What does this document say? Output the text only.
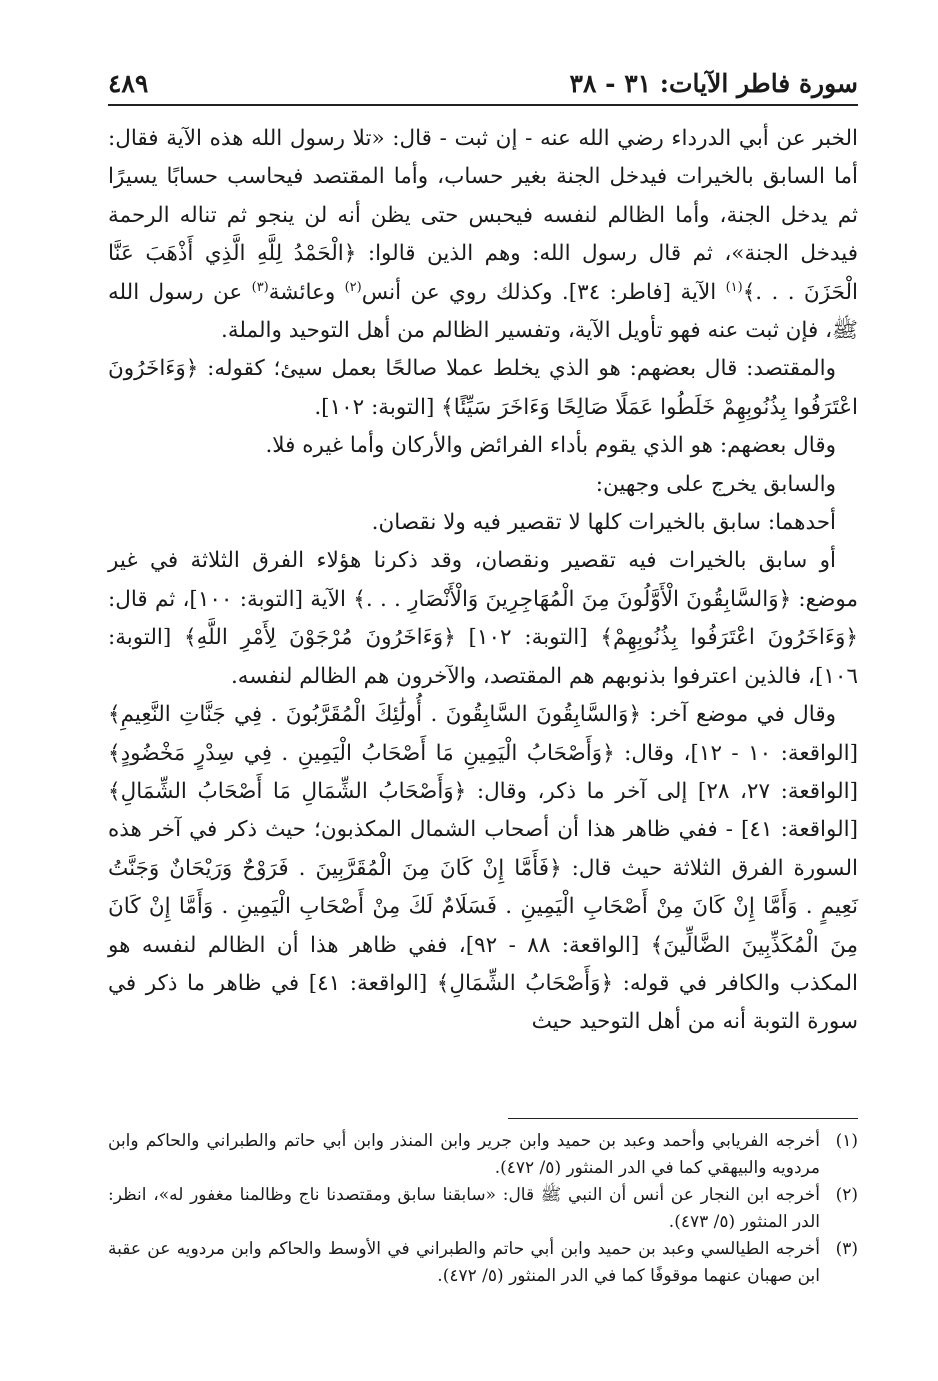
سورة فاطر الآيات: ٣١ - ٣٨
٤٨٩

الخبر عن أبي الدرداء رضي الله عنه - إن ثبت - قال: «تلا رسول الله هذه الآية فقال: أما السابق بالخيرات فيدخل الجنة بغير حساب، وأما المقتصد فيحاسب حسابًا يسيرًا ثم يدخل الجنة، وأما الظالم لنفسه فيحبس حتى يظن أنه لن ينجو ثم تناله الرحمة فيدخل الجنة»، ثم قال رسول الله: وهم الذين قالوا: ﴿الْحَمْدُ لِلَّهِ الَّذِي أَذْهَبَ عَنَّا الْحَزَنَ . . .﴾$^{(١)}$ الآية [فاطر: ٣٤]. وكذلك روي عن أنس$^{(٢)}$ وعائشة$^{(٣)}$ عن رسول الله ﷺ، فإن ثبت عنه فهو تأويل الآية، وتفسير الظالم من أهل التوحيد والملة.

والمقتصد: قال بعضهم: هو الذي يخلط عملا صالحًا بعمل سيئ؛ كقوله: ﴿وَءَاخَرُونَ اعْتَرَفُوا بِذُنُوبِهِمْ خَلَطُوا عَمَلًا صَالِحًا وَءَاخَرَ سَيِّئًا﴾ [التوبة: ١٠٢].

وقال بعضهم: هو الذي يقوم بأداء الفرائض والأركان وأما غيره فلا.

والسابق يخرج على وجهين:

أحدهما: سابق بالخيرات كلها لا تقصير فيه ولا نقصان.

أو سابق بالخيرات فيه تقصير ونقصان، وقد ذكرنا هؤلاء الفرق الثلاثة في غير موضع: ﴿وَالسَّابِقُونَ الْأَوَّلُونَ مِنَ الْمُهَاجِرِينَ وَالْأَنْصَارِ . . .﴾ الآية [التوبة: ١٠٠]، ثم قال: ﴿وَءَاخَرُونَ اعْتَرَفُوا بِذُنُوبِهِمْ﴾ [التوبة: ١٠٢] ﴿وَءَاخَرُونَ مُرْجَوْنَ لِأَمْرِ اللَّهِ﴾ [التوبة: ١٠٦]، فالذين اعترفوا بذنوبهم هم المقتصد، والآخرون هم الظالم لنفسه.

وقال في موضع آخر: ﴿وَالسَّابِقُونَ السَّابِقُونَ . أُولَٰئِكَ الْمُقَرَّبُونَ . فِي جَنَّاتِ النَّعِيمِ﴾ [الواقعة: ١٠ - ١٢]، وقال: ﴿وَأَصْحَابُ الْيَمِينِ مَا أَصْحَابُ الْيَمِينِ . فِي سِدْرٍ مَخْضُودٍ﴾ [الواقعة: ٢٧، ٢٨] إلى آخر ما ذكر، وقال: ﴿وَأَصْحَابُ الشِّمَالِ مَا أَصْحَابُ الشِّمَالِ﴾ [الواقعة: ٤١] - ففي ظاهر هذا أن أصحاب الشمال المكذبون؛ حيث ذكر في آخر هذه السورة الفرق الثلاثة حيث قال: ﴿فَأَمَّا إِنْ كَانَ مِنَ الْمُقَرَّبِينَ . فَرَوْحٌ وَرَيْحَانٌ وَجَنَّتُ نَعِيمٍ . وَأَمَّا إِنْ كَانَ مِنْ أَصْحَابِ الْيَمِينِ . فَسَلَامٌ لَكَ مِنْ أَصْحَابِ الْيَمِينِ . وَأَمَّا إِنْ كَانَ مِنَ الْمُكَذِّبِينَ الضَّالِّينَ﴾ [الواقعة: ٨٨ - ٩٢]، ففي ظاهر هذا أن الظالم لنفسه هو المكذب والكافر في قوله: ﴿وَأَصْحَابُ الشِّمَالِ﴾ [الواقعة: ٤١] في ظاهر ما ذكر في سورة التوبة أنه من أهل التوحيد حيث

(١)
أخرجه الفريابي وأحمد وعبد بن حميد وابن جرير وابن المنذر وابن أبي حاتم والطبراني والحاكم وابن مردويه والبيهقي كما في الدر المنثور (٥/ ٤٧٢).
(٢)
أخرجه ابن النجار عن أنس أن النبي ﷺ قال: «سابقنا سابق ومقتصدنا ناج وظالمنا مغفور له»، انظر: الدر المنثور (٥/ ٤٧٣).
(٣)
أخرجه الطيالسي وعبد بن حميد وابن أبي حاتم والطبراني في الأوسط والحاكم وابن مردويه عن عقبة ابن صهبان عنهما موقوفًا كما في الدر المنثور (٥/ ٤٧٢).
